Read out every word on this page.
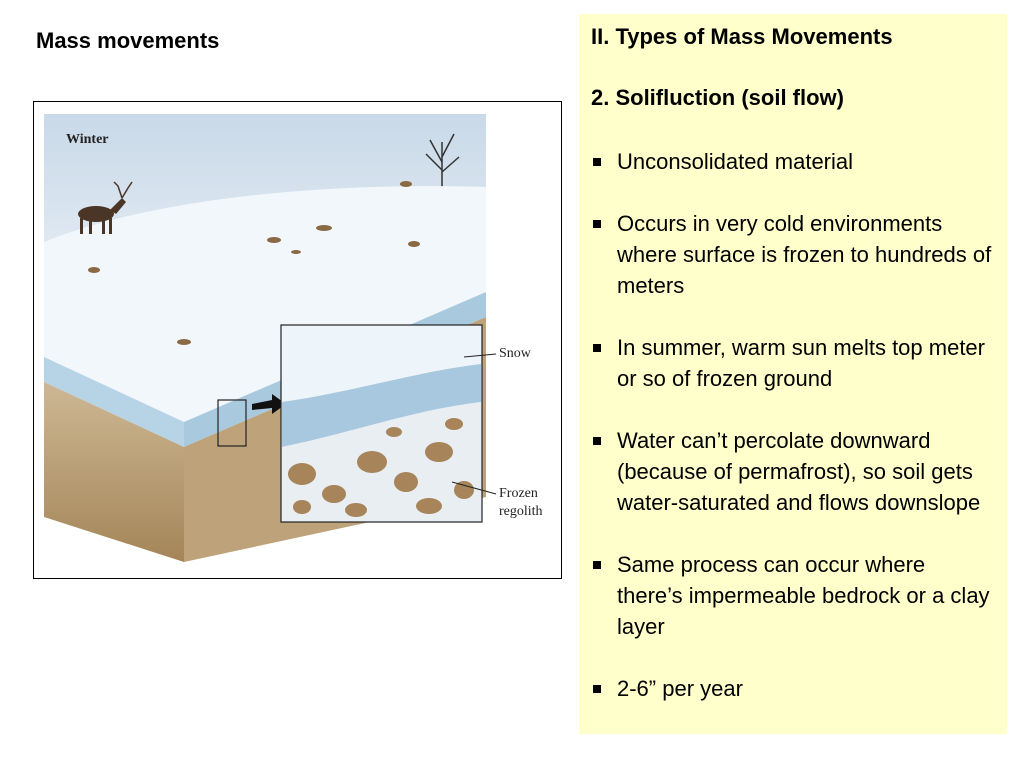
Mass movements
Winter
Snow
Frozen
regolith
II. Types of Mass Movements
2. Solifluction (soil flow)
Unconsolidated material
Occurs in very cold environments where surface is frozen to hundreds of meters
In summer, warm sun melts top meter or so of frozen ground
Water can’t percolate downward (because of permafrost), so soil gets water-saturated and flows downslope
Same process can occur where there’s impermeable bedrock or a clay layer
2-6” per year
